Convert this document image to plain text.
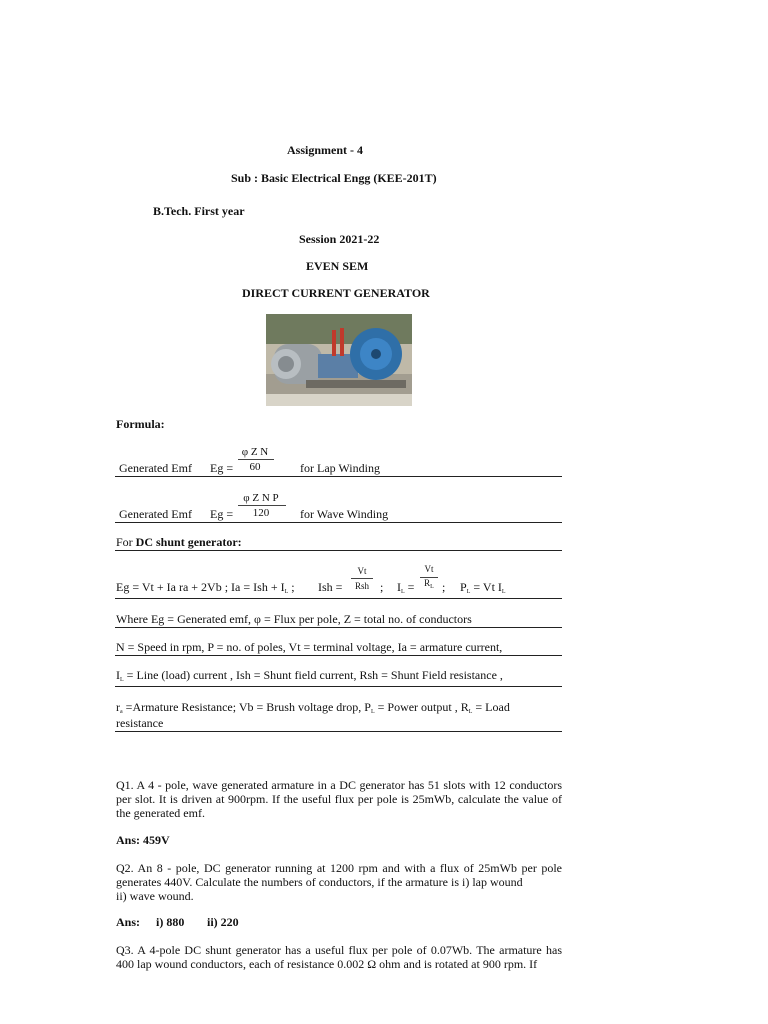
Assignment - 4
Sub : Basic Electrical Engg (KEE-201T)
B.Tech. First year
Session 2021-22
EVEN SEM
DIRECT CURRENT GENERATOR
Formula:
Generated Emf Eg =
φ Z N
60	for Lap Winding
Generated Emf Eg =
φ Z N P
120	for Wave Winding
For DC shunt generator:
Eg = Vt + Ia ra + 2Vb ; Ia = Ish + $I_L$ ; Ish =
Vt
Rsh ; $I_L$ =
Vt
$R_L$ ; $P_L = Vt$ $I_L$
Where Eg = Generated emf, φ = Flux per pole, Z = total no. of conductors
N = Speed in rpm, P = no. of poles, Vt = terminal voltage, Ia = armature current,
$I_L$ = Line (load) current , Ish = Shunt field current, Rsh = Shunt Field resistance ,
$r_a$ =Armature Resistance; Vb = Brush voltage drop, $P_L$ = Power output , $R_L$ = Load
resistance
Q1. A 4 - pole, wave generated armature in a DC generator has 51 slots with 12 conductors per slot. It is driven at 900rpm. If the useful flux per pole is 25mWb, calculate the value of the generated emf.
Ans: 459V
Q2. An 8 - pole, DC generator running at 1200 rpm and with a flux of 25mWb per pole generates 440V. Calculate the numbers of conductors, if the armature is i) lap wound
ii) wave wound.
Ans: i) 880 ii) 220
Q3. A 4-pole DC shunt generator has a useful flux per pole of 0.07Wb. The armature has 400 lap wound conductors, each of resistance 0.002 Ω ohm and is rotated at 900 rpm. If
